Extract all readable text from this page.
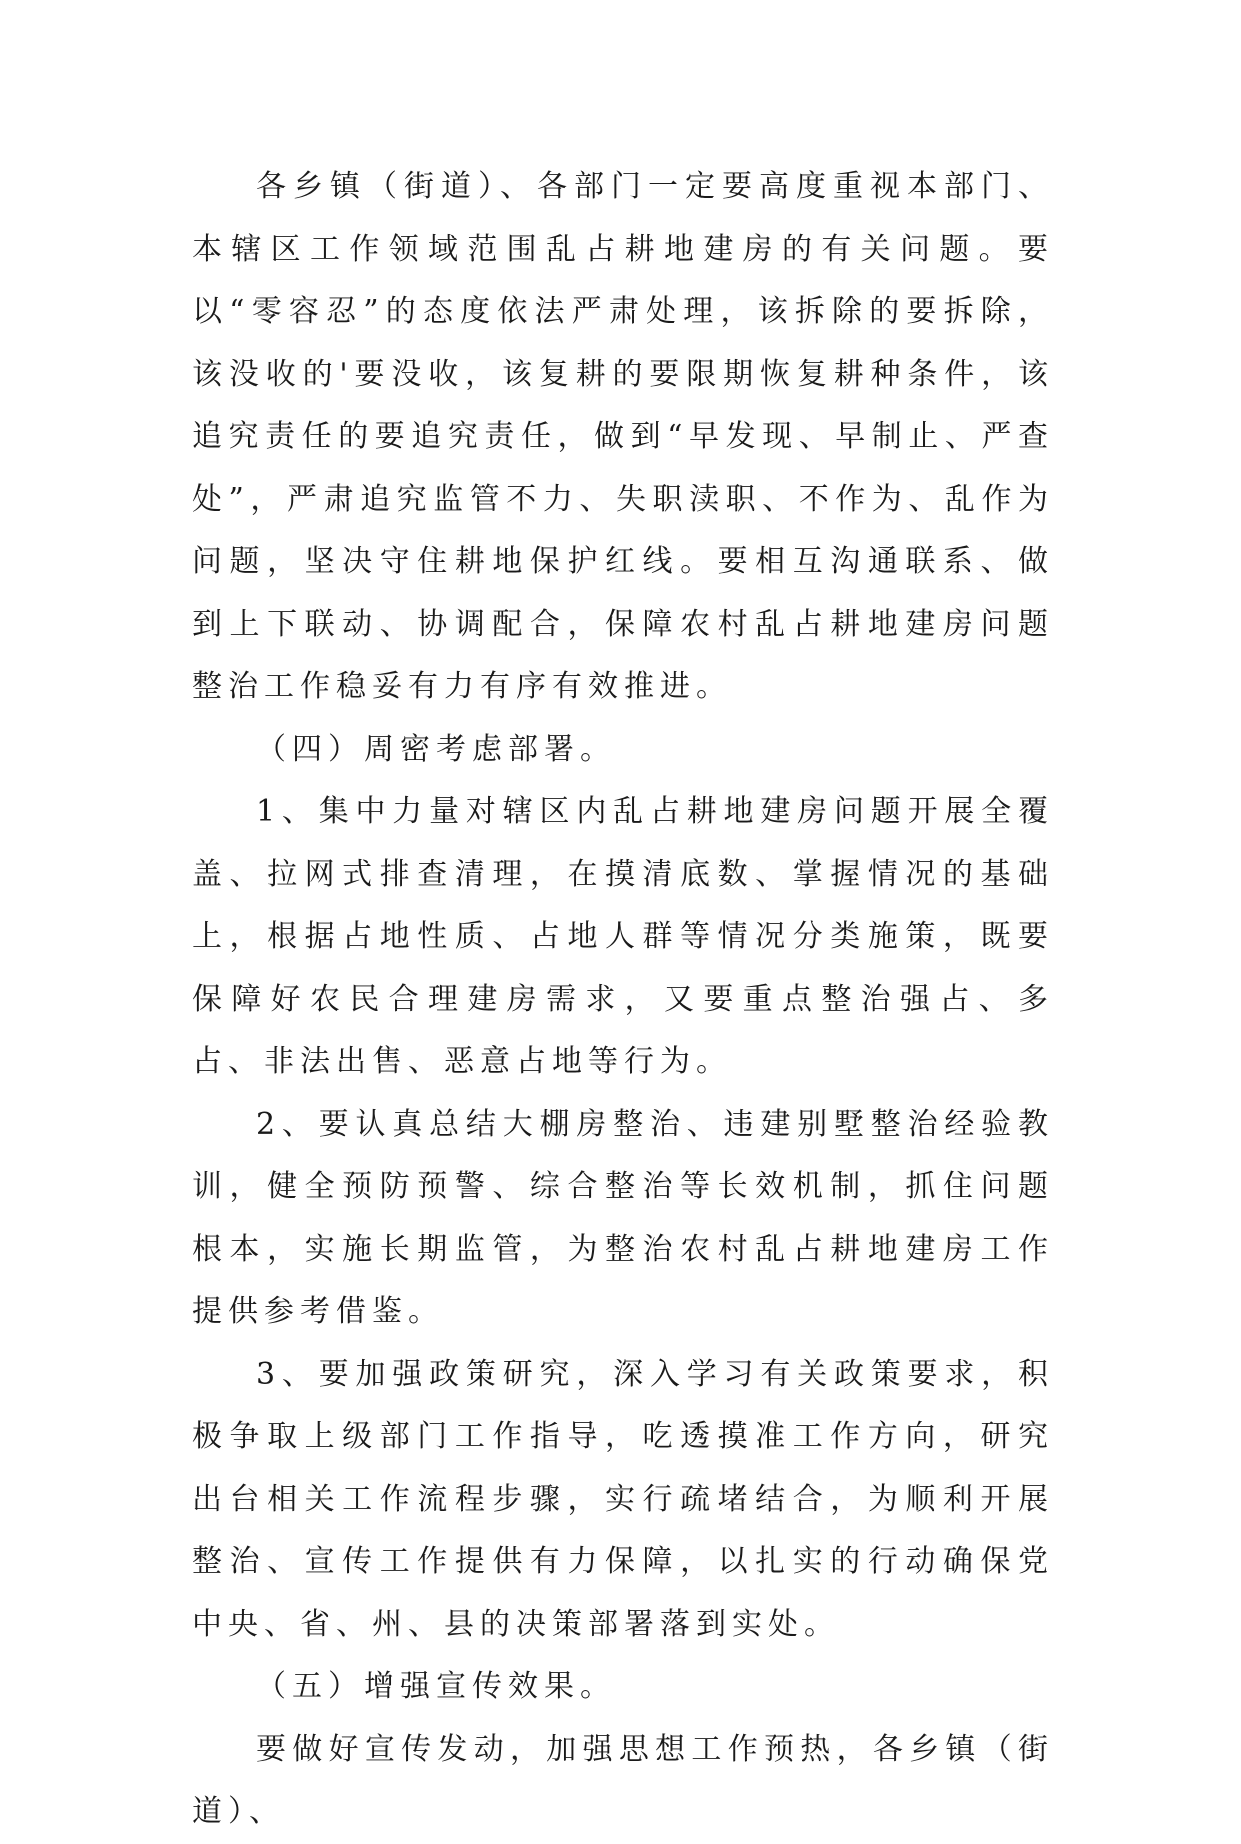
各乡镇（街道）、各部门一定要高度重视本部门、本辖区工作领域范围乱占耕地建房的有关问题。要以“零容忍”的态度依法严肃处理，该拆除的要拆除，该没收的'要没收，该复耕的要限期恢复耕种条件，该追究责任的要追究责任，做到“早发现、早制止、严查处”，严肃追究监管不力、失职渎职、不作为、乱作为问题，坚决守住耕地保护红线。要相互沟通联系、做到上下联动、协调配合，保障农村乱占耕地建房问题整治工作稳妥有力有序有效推进。

（四）周密考虑部署。

1、集中力量对辖区内乱占耕地建房问题开展全覆盖、拉网式排查清理，在摸清底数、掌握情况的基础上，根据占地性质、占地人群等情况分类施策，既要保障好农民合理建房需求，又要重点整治强占、多占、非法出售、恶意占地等行为。

2、要认真总结大棚房整治、违建别墅整治经验教训，健全预防预警、综合整治等长效机制，抓住问题根本，实施长期监管，为整治农村乱占耕地建房工作提供参考借鉴。

3、要加强政策研究，深入学习有关政策要求，积极争取上级部门工作指导，吃透摸准工作方向，研究出台相关工作流程步骤，实行疏堵结合，为顺利开展整治、宣传工作提供有力保障，以扎实的行动确保党中央、省、州、县的决策部署落到实处。

（五）增强宣传效果。

要做好宣传发动，加强思想工作预热，各乡镇（街道）、
